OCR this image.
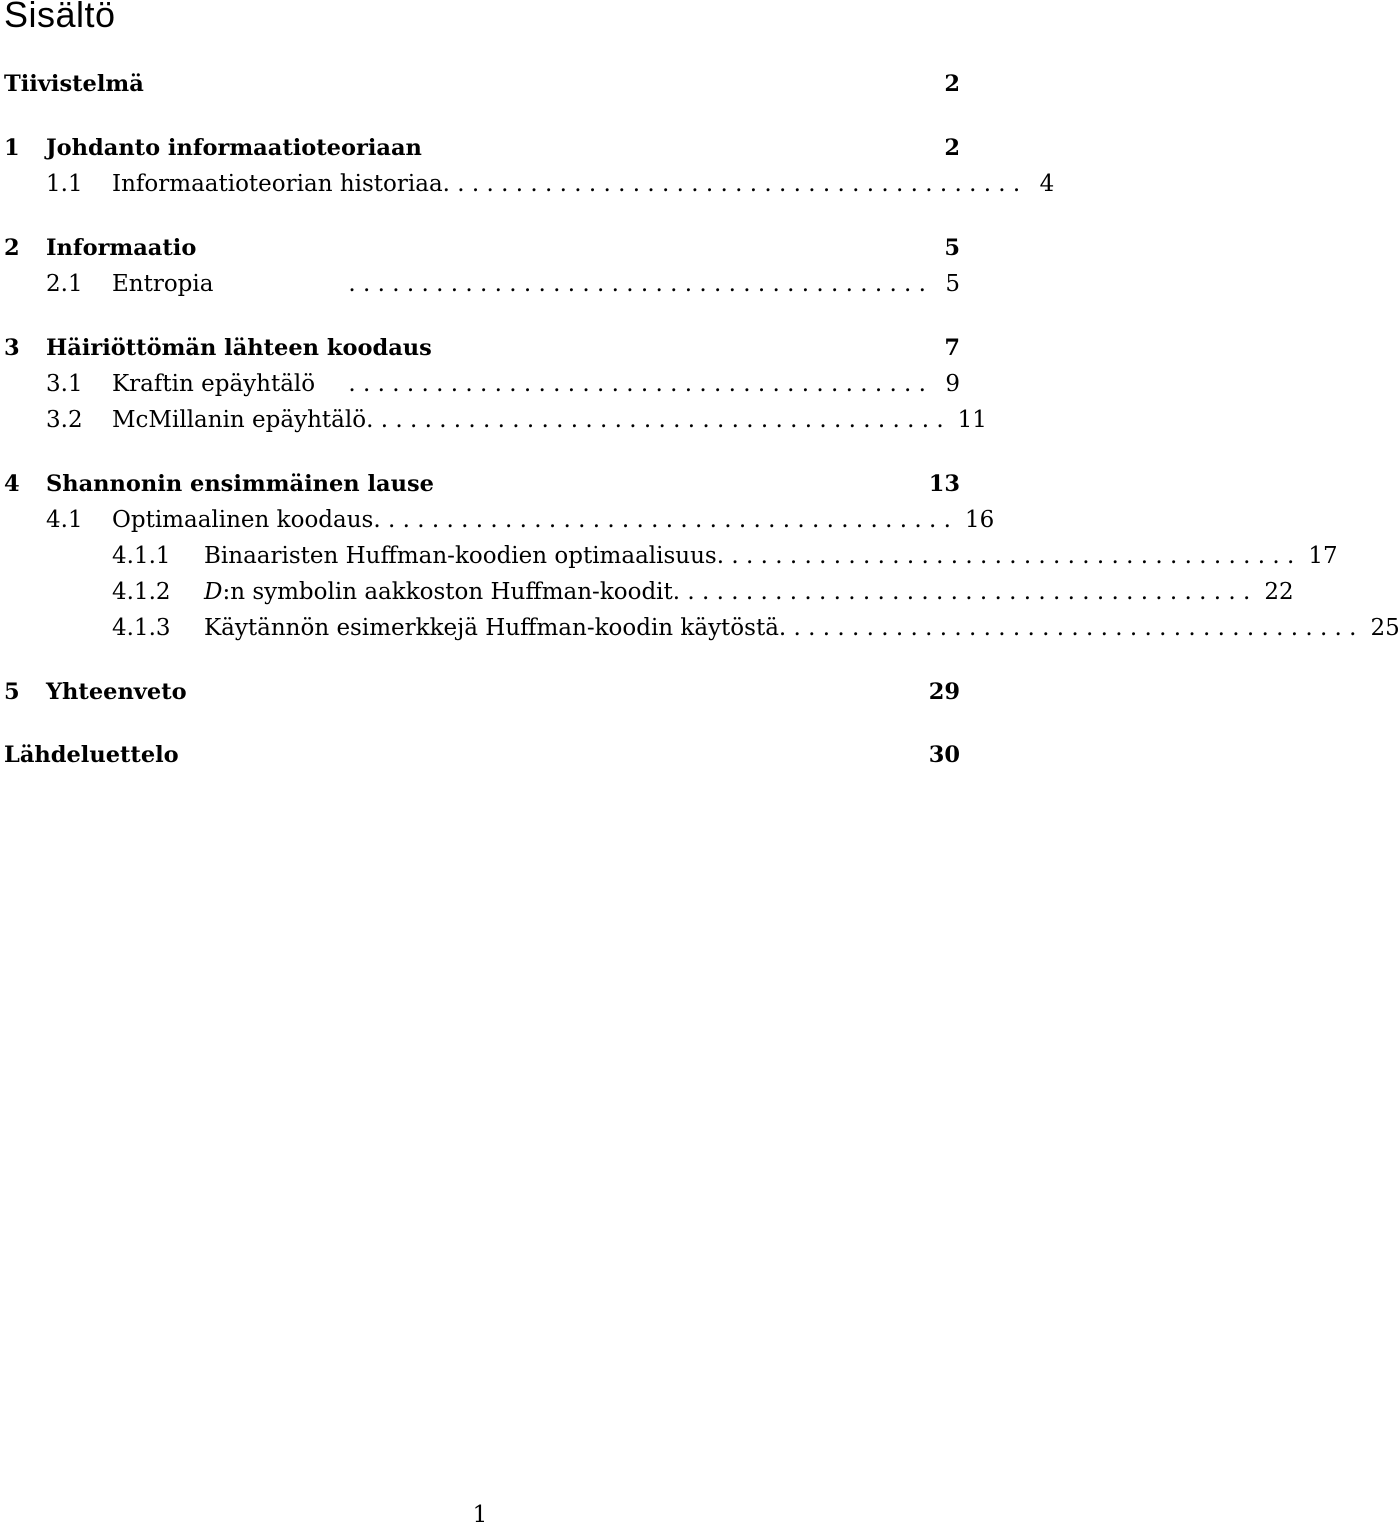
Sisältö
Tiivistelmä	2
1	Johdanto informaatioteoriaan	2
1.1	Informaatioteorian historiaa . . . . . . . . . . . . . . . . . . . . . . . . . . . . . . . . . . . . . . . . 4
2	Informaatio	5
2.1	Entropia	. . . . . . . . . . . . . . . . . . . . . . . . . . . . . . . . . . . . . . . . 5
3	Häiriöttömän lähteen koodaus	7
3.1	Kraftin epäyhtälö	. . . . . . . . . . . . . . . . . . . . . . . . . . . . . . . . . . . . . . . . 9
3.2	McMillanin epäyhtälö . . . . . . . . . . . . . . . . . . . . . . . . . . . . . . . . . . . . . . . . 11
4	Shannonin ensimmäinen lause	13
4.1	Optimaalinen koodaus . . . . . . . . . . . . . . . . . . . . . . . . . . . . . . . . . . . . . . . . 16
4.1.1	Binaaristen Huffman-koodien optimaalisuus . . . . . . . . . . . . . . . . . . . . . . . . . . . . . . . . . . . . . . . . 17
4.1.2	D:n symbolin aakkoston Huffman-koodit . . . . . . . . . . . . . . . . . . . . . . . . . . . . . . . . . . . . . . . . 22
4.1.3	Käytännön esimerkkejä Huffman-koodin käytöstä . . . . . . . . . . . . . . . . . . . . . . . . . . . . . . . . . . . . . . . . 25
5	Yhteenveto	29
Lähdeluettelo	30
1
